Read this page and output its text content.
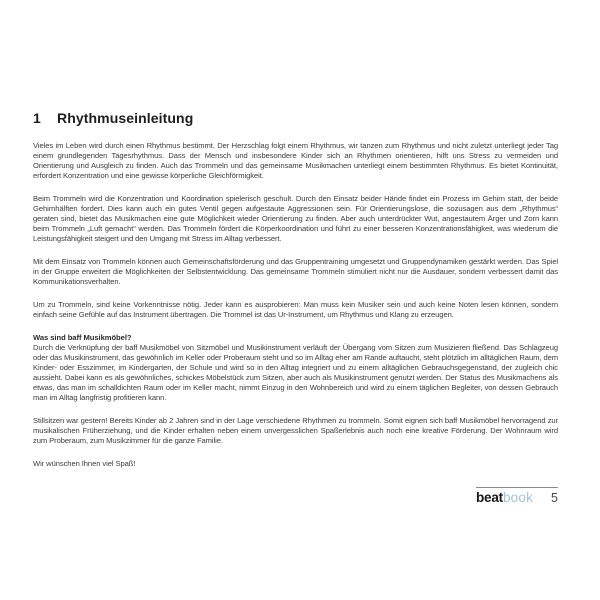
1 Rhythmuseinleitung

Vieles im Leben wird durch einen Rhythmus bestimmt. Der Herzschlag folgt einem Rhythmus, wir tanzen zum Rhythmus und nicht zuletzt unterliegt jeder Tag einem grundlegenden Tagesrhythmus. Dass der Mensch und insbesondere Kinder sich an Rhythmen orientieren, hilft uns Stress zu vermeiden und Orientierung und Ausgleich zu finden. Auch das Trommeln und das gemeinsame Musikmachen unterliegt einem bestimmten Rhythmus. Es bietet Kontinuität, erfordert Konzentration und eine gewisse körperliche Gleichförmigkeit.

Beim Trommeln wird die Konzentration und Koordination spielerisch geschult. Durch den Einsatz beider Hände findet ein Prozess im Gehirn statt, der beide Gehirnhälften fordert. Dies kann auch ein gutes Ventil gegen aufgestaute Aggressionen sein. Für Orientierungslose, die sozusagen aus dem „Rhythmus“ geraten sind, bietet das Musikmachen eine gute Möglichkeit wieder Orientierung zu finden. Aber auch unterdrückter Wut, angestautem Ärger und Zorn kann beim Trommeln „Luft gemacht“ werden. Das Trommeln fördert die Körperkoordination und führt zu einer besseren Konzentrationsfähigkeit, was wiederum die Leistungsfähigkeit steigert und den Umgang mit Stress im Alltag verbessert.

Mit dem Einsatz von Trommeln können auch Gemeinschaftsförderung und das Gruppentraining umgesetzt und Gruppendynamiken gestärkt werden. Das Spiel in der Gruppe erweitert die Möglichkeiten der Selbstentwicklung. Das gemeinsame Trommeln stimuliert nicht nur die Ausdauer, sondern verbessert damit das Kommunikationsverhalten.

Um zu Trommeln, sind keine Vorkenntnisse nötig. Jeder kann es ausprobieren: Man muss kein Musiker sein und auch keine Noten lesen können, sondern einfach seine Gefühle auf das Instrument übertragen. Die Trommel ist das Ur-Instrument, um Rhythmus und Klang zu erzeugen.

Was sind baff Musikmöbel?

Durch die Verknüpfung der baff Musikmöbel von Sitzmöbel und Musikinstrument verläuft der Übergang vom Sitzen zum Musizieren fließend. Das Schlagzeug oder das Musikinstrument, das gewöhnlich im Keller oder Proberaum steht und so im Alltag eher am Rande auftaucht, steht plötzlich im alltäglichen Raum, dem Kinder- oder Esszimmer, im Kindergarten, der Schule und wird so in den Alltag integriert und zu einem alltäglichen Gebrauchsgegenstand, der zugleich chic aussieht. Dabei kann es als gewöhnliches, schickes Möbelstück zum Sitzen, aber auch als Musikinstrument genutzt werden. Der Status des Musikmachens als etwas, das man im schalldichten Raum oder im Keller macht, nimmt Einzug in den Wohnbereich und wird zu einem täglichen Begleiter, von dessen Gebrauch man im Alltag langfristig profitieren kann.

Stillsitzen war gestern! Bereits Kinder ab 2 Jahren sind in der Lage verschiedene Rhythmen zu trommeln. Somit eignen sich baff Musikmöbel hervorragend zur musikalischen Früherziehung, und die Kinder erhalten neben einem unvergesslichen Spaßerlebnis auch noch eine kreative Förderung. Der Wohnraum wird zum Proberaum, zum Musikzimmer für die ganze Familie.

Wir wünschen Ihnen viel Spaß!

beatbook 5
